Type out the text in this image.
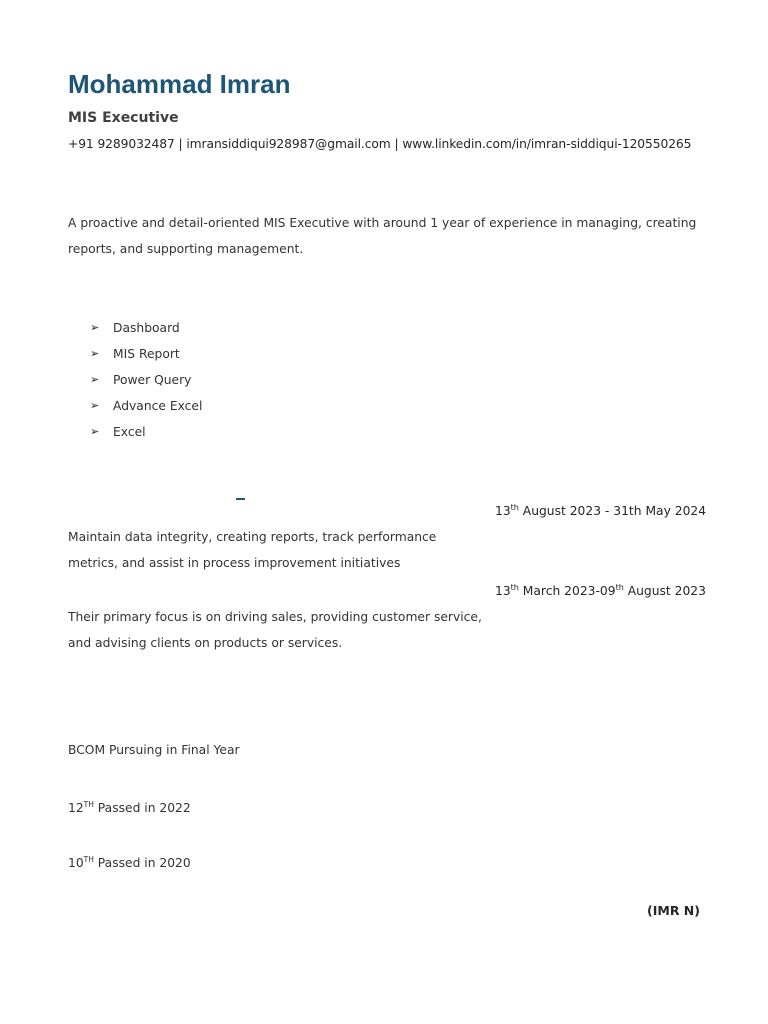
Mohammad Imran
MIS Executive
+91 9289032487 | imransiddiqui928987@gmail.com | www.linkedin.com/in/imran-siddiqui-120550265
A proactive and detail-oriented MIS Executive with around 1 year of experience in managing, creating reports, and supporting management.
➢	Dashboard
➢	MIS Report
➢	Power Query
➢	Advance Excel
➢	Excel
13th August 2023 - 31th May 2024
Maintain data integrity, creating reports, track performance metrics, and assist in process improvement initiatives
13th March 2023-09th August 2023
Their primary focus is on driving sales, providing customer service, and advising clients on products or services.
BCOM Pursuing in Final Year
12TH Passed in 2022
10TH Passed in 2020
(IMR N)
